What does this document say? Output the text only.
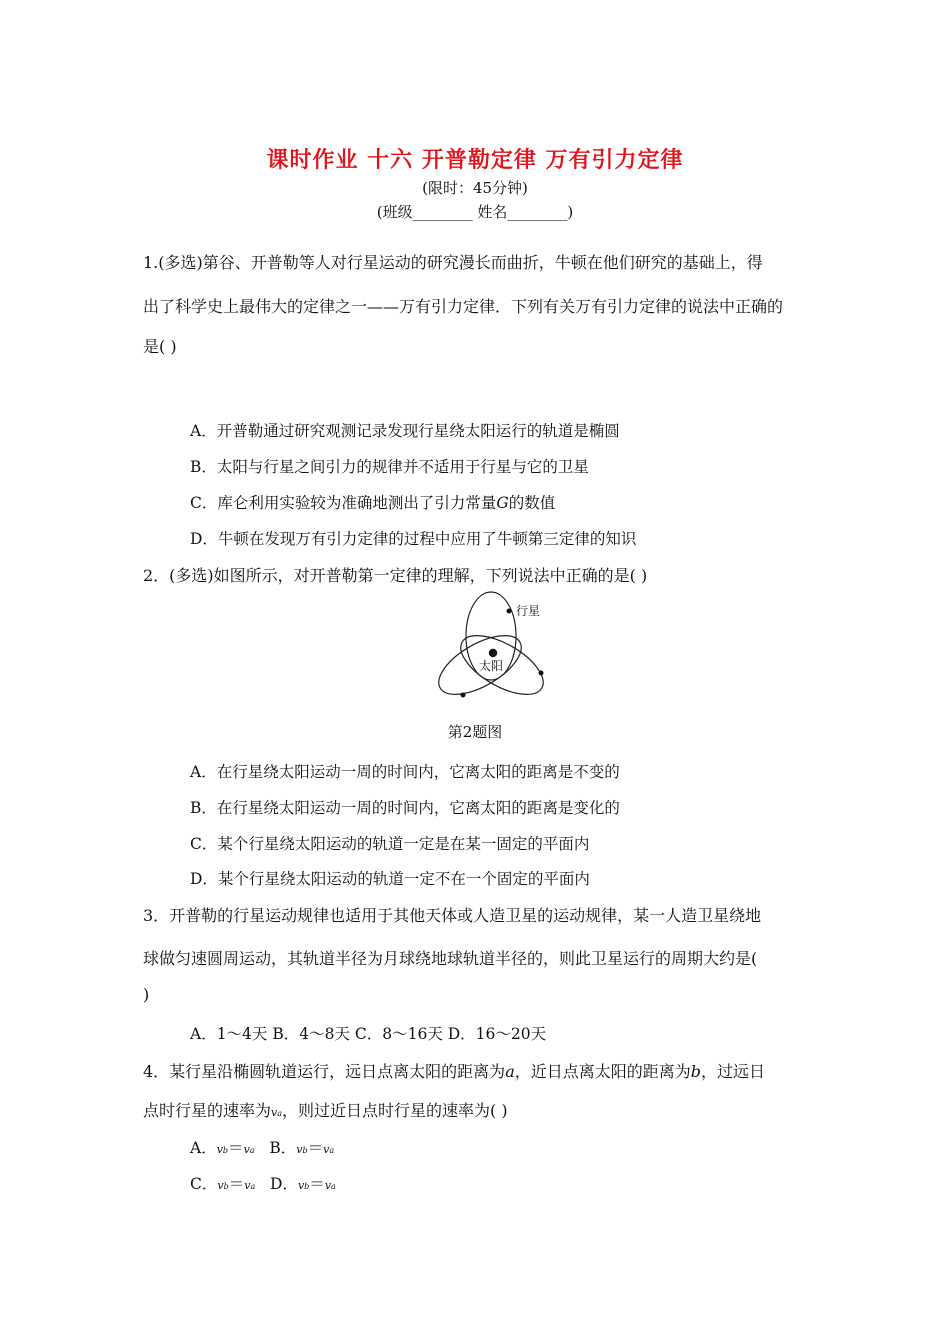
课时作业 十六 开普勒定律 万有引力定律
(限时：45分钟)
(班级________ 姓名________)
1.(多选)第谷、开普勒等人对行星运动的研究漫长而曲折，牛顿在他们研究的基础上，得
出了科学史上最伟大的定律之一——万有引力定律．下列有关万有引力定律的说法中正确的
是( )
A．开普勒通过研究观测记录发现行星绕太阳运行的轨道是椭圆
B．太阳与行星之间引力的规律并不适用于行星与它的卫星
C．库仑利用实验较为准确地测出了引力常量G的数值
D．牛顿在发现万有引力定律的过程中应用了牛顿第三定律的知识
2．(多选)如图所示，对开普勒第一定律的理解，下列说法中正确的是( )
行星
太阳
第2题图
A．在行星绕太阳运动一周的时间内，它离太阳的距离是不变的
B．在行星绕太阳运动一周的时间内，它离太阳的距离是变化的
C．某个行星绕太阳运动的轨道一定是在某一固定的平面内
D．某个行星绕太阳运动的轨道一定不在一个固定的平面内
3．开普勒的行星运动规律也适用于其他天体或人造卫星的运动规律，某一人造卫星绕地
球做匀速圆周运动，其轨道半径为月球绕地球轨道半径的，则此卫星运行的周期大约是(
)
A．1～4天 B．4～8天 C．8～16天 D．16～20天
4．某行星沿椭圆轨道运行，远日点离太阳的距离为a，近日点离太阳的距离为b，过远日
点时行星的速率为va，则过近日点时行星的速率为( )
A．vb＝va B．vb＝va
C．vb＝va D．vb＝va
